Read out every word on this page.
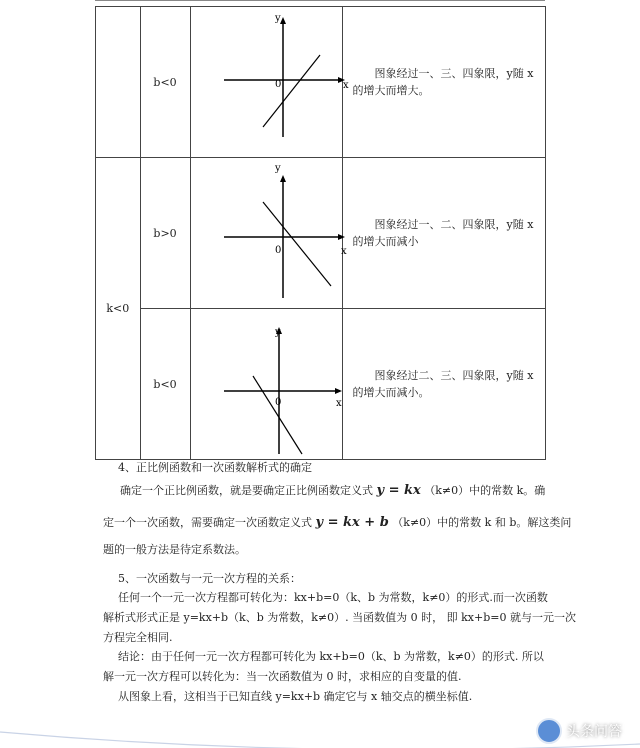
	b<0	y
x
0	图象经过一、三、四象限，y随 x 的增大而增大。

k<0	b>0	y
x
0	图象经过一、二、四象限，y随 x 的增大而减小

	b<0	y
x
0	图象经过二、三、四象限，y随 x 的增大而减小。
4、正比例函数和一次函数解析式的确定
确定一个正比例函数，就是要确定正比例函数定义式 y = kx （k≠0）中的常数 k。确
定一个一次函数，需要确定一次函数定义式 y = kx + b （k≠0）中的常数 k 和 b。解这类问
题的一般方法是待定系数法。
5、一次函数与一元一次方程的关系：
任何一个一元一次方程都可转化为：kx+b=0（k、b 为常数，k≠0）的形式.而一次函数
解析式形式正是 y=kx+b（k、b 为常数，k≠0）. 当函数值为 0 时， 即 kx+b=0 就与一元一次
方程完全相同.
结论：由于任何一元一次方程都可转化为 kx+b=0（k、b 为常数，k≠0）的形式. 所以
解一元一次方程可以转化为：当一次函数值为 0 时，求相应的自变量的值.
从图象上看，这相当于已知直线 y=kx+b 确定它与 x 轴交点的横坐标值.
头条问答
